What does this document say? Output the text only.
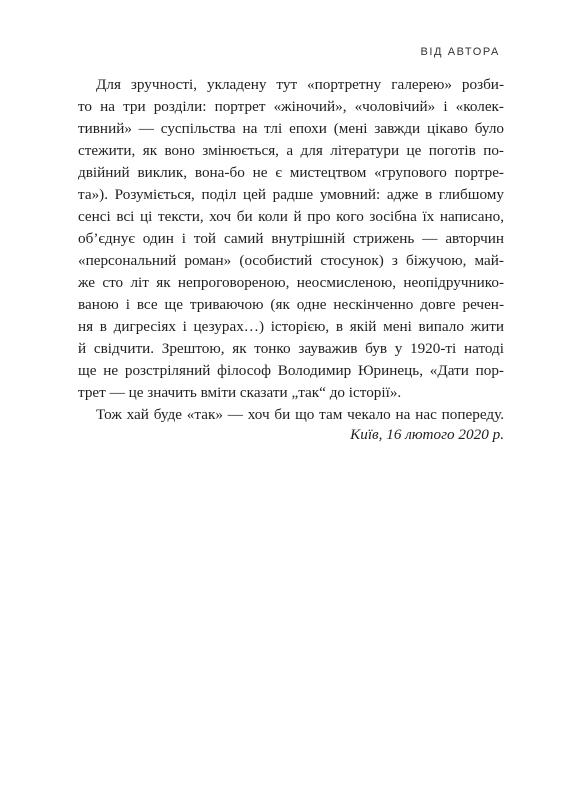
ВІД АВТОРА
Для зручності, укладену тут «портретну галерею» розби-
то на три розділи: портрет «жіночий», «чоловічий» і «колек-
тивний» — суспільства на тлі епохи (мені завжди цікаво було
стежити, як воно змінюється, а для літератури це поготів по-
двійний виклик, вона-бо не є мистецтвом «групового портре-
та»). Розуміється, поділ цей радше умовний: адже в глибшому
сенсі всі ці тексти, хоч би коли й про кого зосібна їх написано,
об’єднує один і той самий внутрішній стрижень — авторчин
«персональний роман» (особистий стосунок) з біжучою, май-
же сто літ як непроговореною, неосмисленою, неопідручнико-
ваною і все ще триваючою (як одне нескінченно довге речен-
ня в дигресіях і цезурах…) історією, в якій мені випало жити
й свідчити. Зрештою, як тонко зауважив був у 1920-ті натоді
ще не розстріляний філософ Володимир Юринець, «Дати пор-
трет — це значить вміти сказати „так“ до історії».
Тож хай буде «так» — хоч би що там чекало на нас попереду.
Київ, 16 лютого 2020 р.
